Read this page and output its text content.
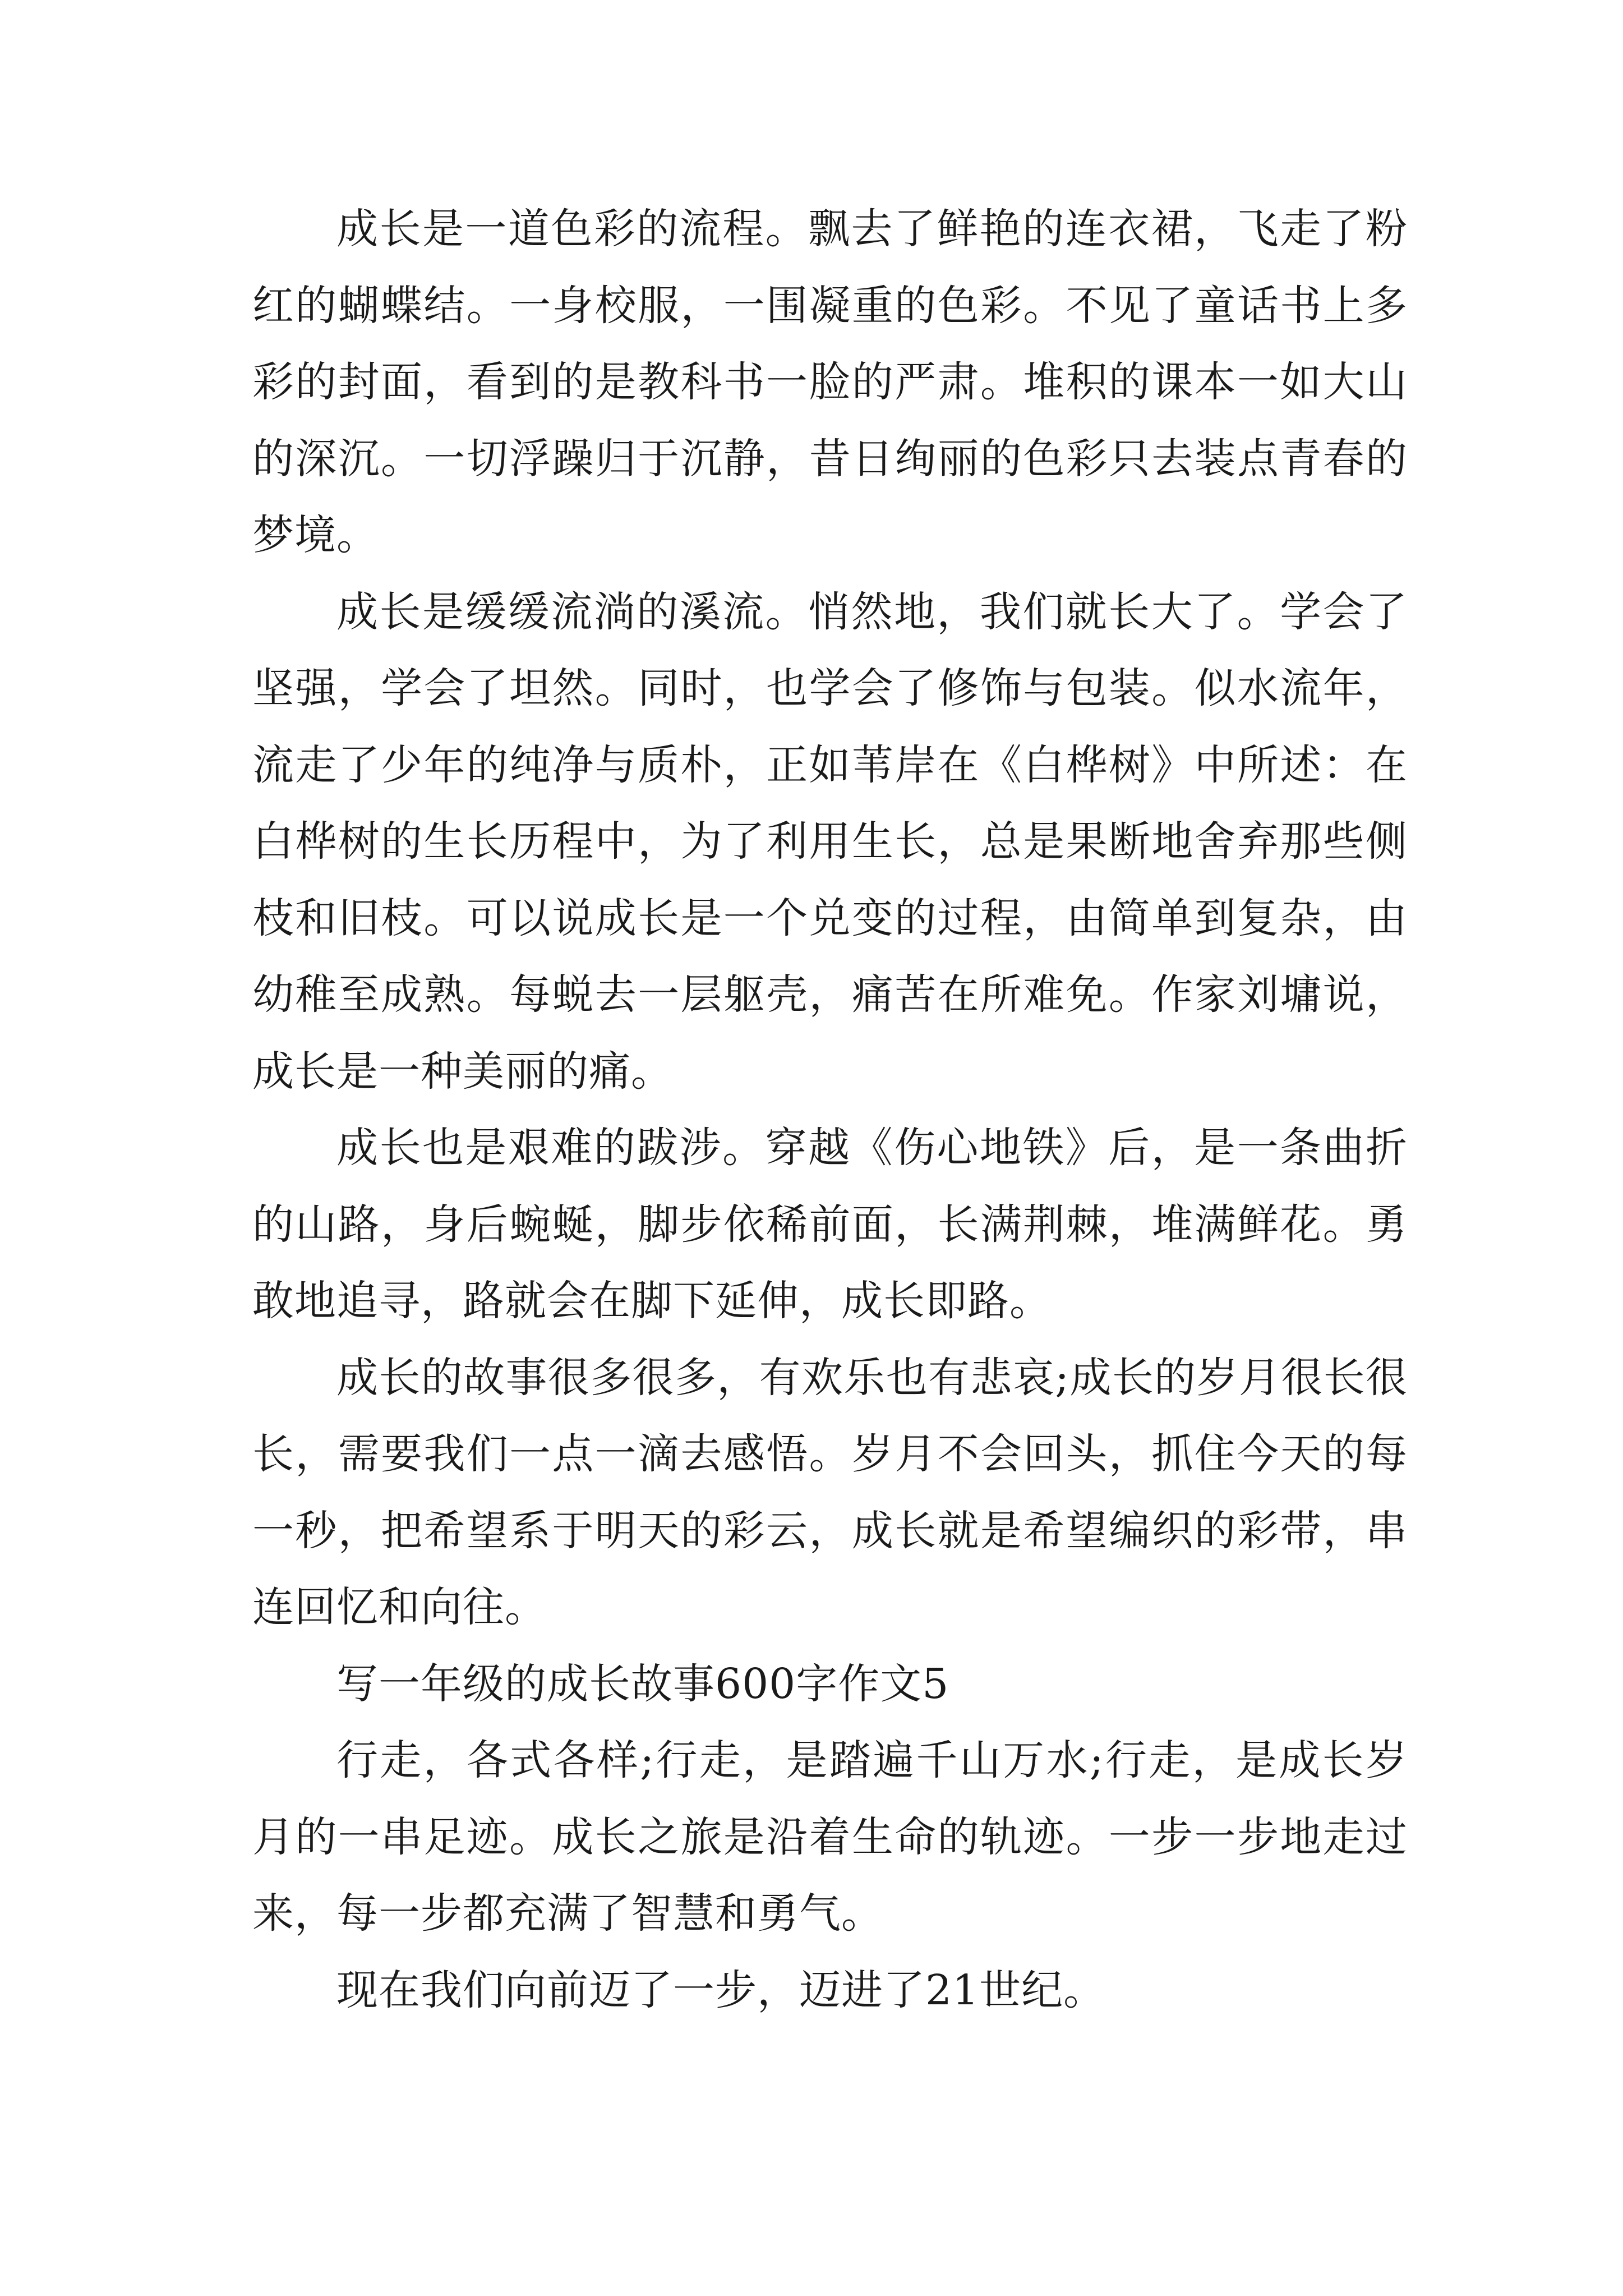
成长是一道色彩的流程。飘去了鲜艳的连衣裙，飞走了粉红的蝴蝶结。一身校服，一围凝重的色彩。不见了童话书上多彩的封面，看到的是教科书一脸的严肃。堆积的课本一如大山的深沉。一切浮躁归于沉静，昔日绚丽的色彩只去装点青春的梦境。

成长是缓缓流淌的溪流。悄然地，我们就长大了。学会了坚强，学会了坦然。同时，也学会了修饰与包装。似水流年，流走了少年的纯净与质朴，正如苇岸在《白桦树》中所述：在白桦树的生长历程中，为了利用生长，总是果断地舍弃那些侧枝和旧枝。可以说成长是一个兑变的过程，由简单到复杂，由幼稚至成熟。每蜕去一层躯壳，痛苦在所难免。作家刘墉说，成长是一种美丽的痛。

成长也是艰难的跋涉。穿越《伤心地铁》后，是一条曲折的山路，身后蜿蜒，脚步依稀前面，长满荆棘，堆满鲜花。勇敢地追寻，路就会在脚下延伸，成长即路。

成长的故事很多很多，有欢乐也有悲哀;成长的岁月很长很长，需要我们一点一滴去感悟。岁月不会回头，抓住今天的每一秒，把希望系于明天的彩云，成长就是希望编织的彩带，串连回忆和向往。

写一年级的成长故事600字作文5

行走，各式各样;行走，是踏遍千山万水;行走，是成长岁月的一串足迹。成长之旅是沿着生命的轨迹。一步一步地走过来，每一步都充满了智慧和勇气。

现在我们向前迈了一步，迈进了21世纪。
